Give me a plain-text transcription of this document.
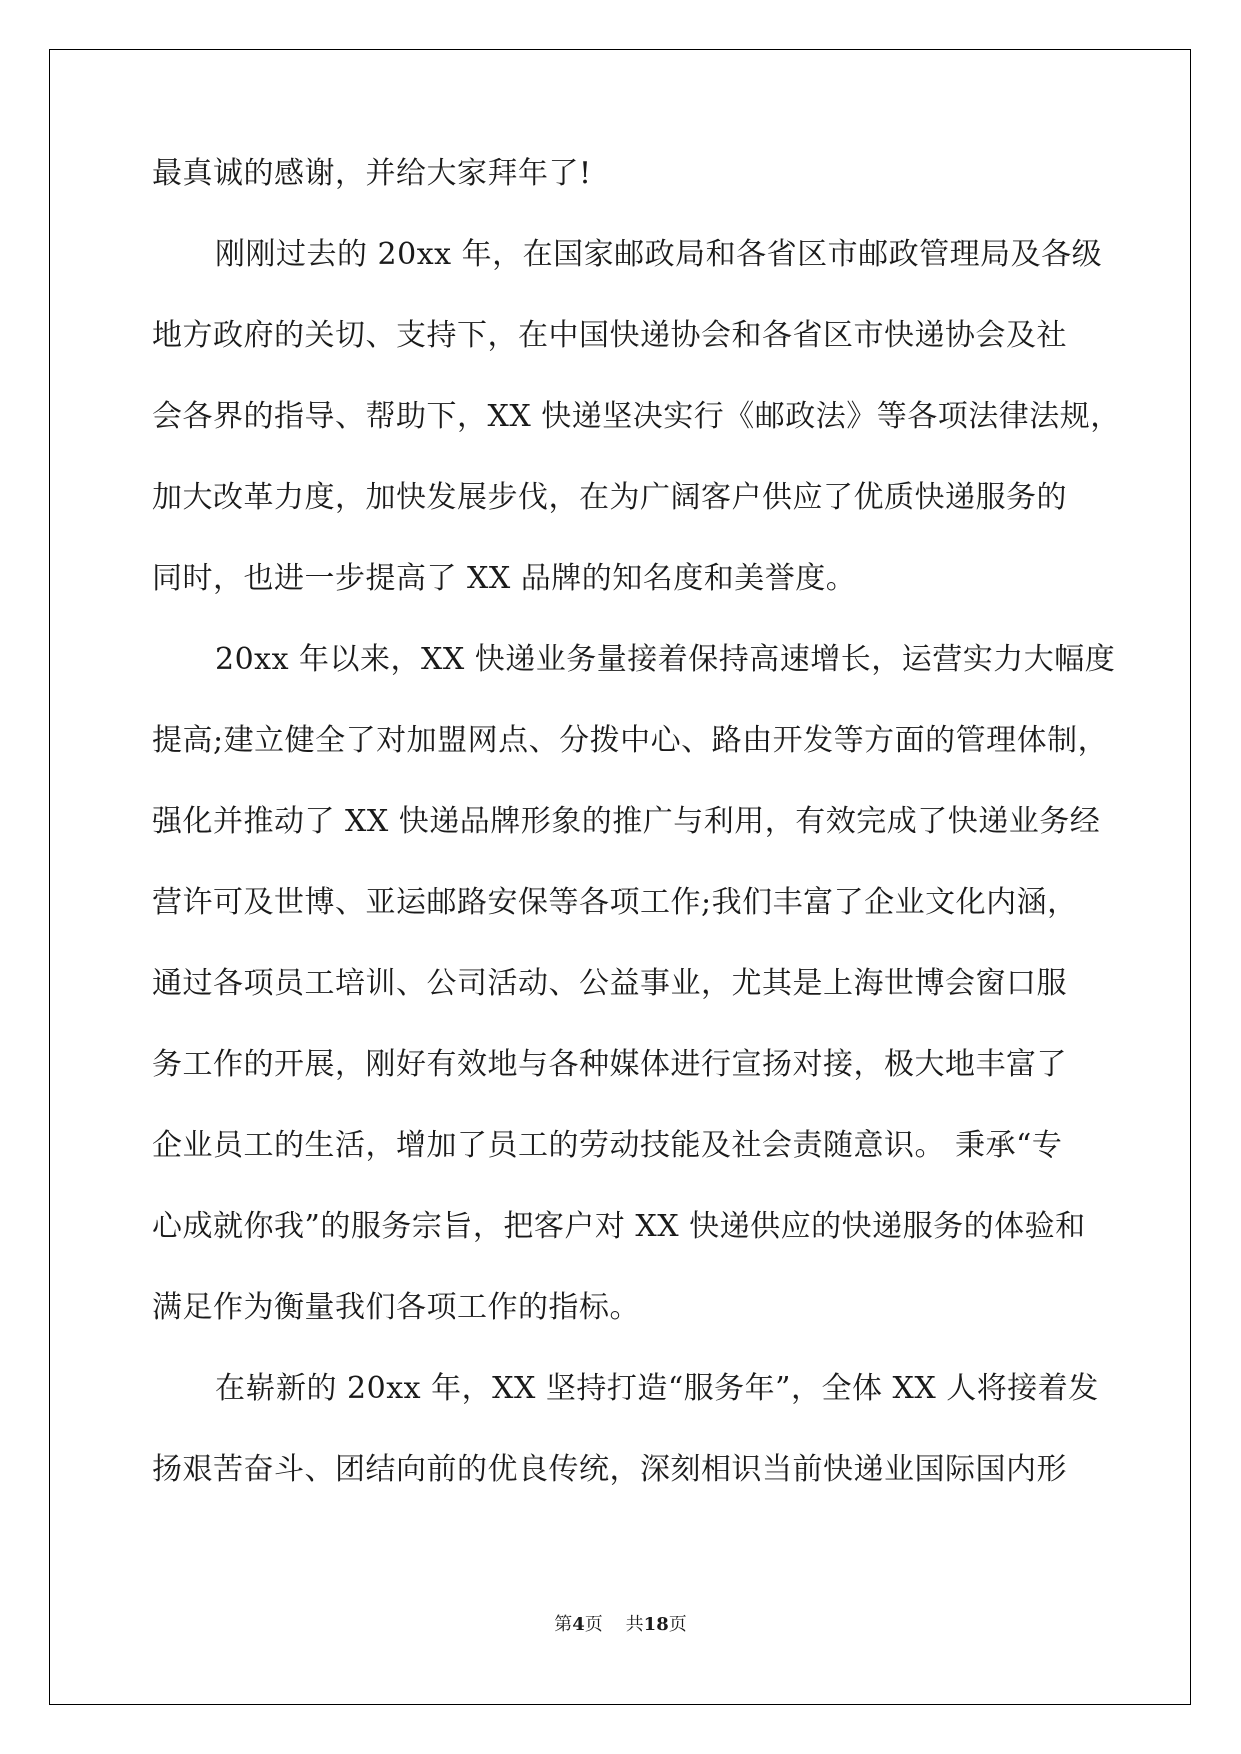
最真诚的感谢，并给大家拜年了!
刚刚过去的 20xx 年，在国家邮政局和各省区市邮政管理局及各级
地方政府的关切、支持下，在中国快递协会和各省区市快递协会及社
会各界的指导、帮助下，XX 快递坚决实行《邮政法》等各项法律法规，
加大改革力度，加快发展步伐，在为广阔客户供应了优质快递服务的
同时，也进一步提高了 XX 品牌的知名度和美誉度。
20xx 年以来，XX 快递业务量接着保持高速增长，运营实力大幅度
提高;建立健全了对加盟网点、分拨中心、路由开发等方面的管理体制，
强化并推动了 XX 快递品牌形象的推广与利用，有效完成了快递业务经
营许可及世博、亚运邮路安保等各项工作;我们丰富了企业文化内涵，
通过各项员工培训、公司活动、公益事业，尤其是上海世博会窗口服
务工作的开展，刚好有效地与各种媒体进行宣扬对接，极大地丰富了
企业员工的生活，增加了员工的劳动技能及社会责随意识。 秉承“专
心成就你我”的服务宗旨，把客户对 XX 快递供应的快递服务的体验和
满足作为衡量我们各项工作的指标。
在崭新的 20xx 年，XX 坚持打造“服务年”，全体 XX 人将接着发
扬艰苦奋斗、团结向前的优良传统，深刻相识当前快递业国际国内形
第4页 共18页
